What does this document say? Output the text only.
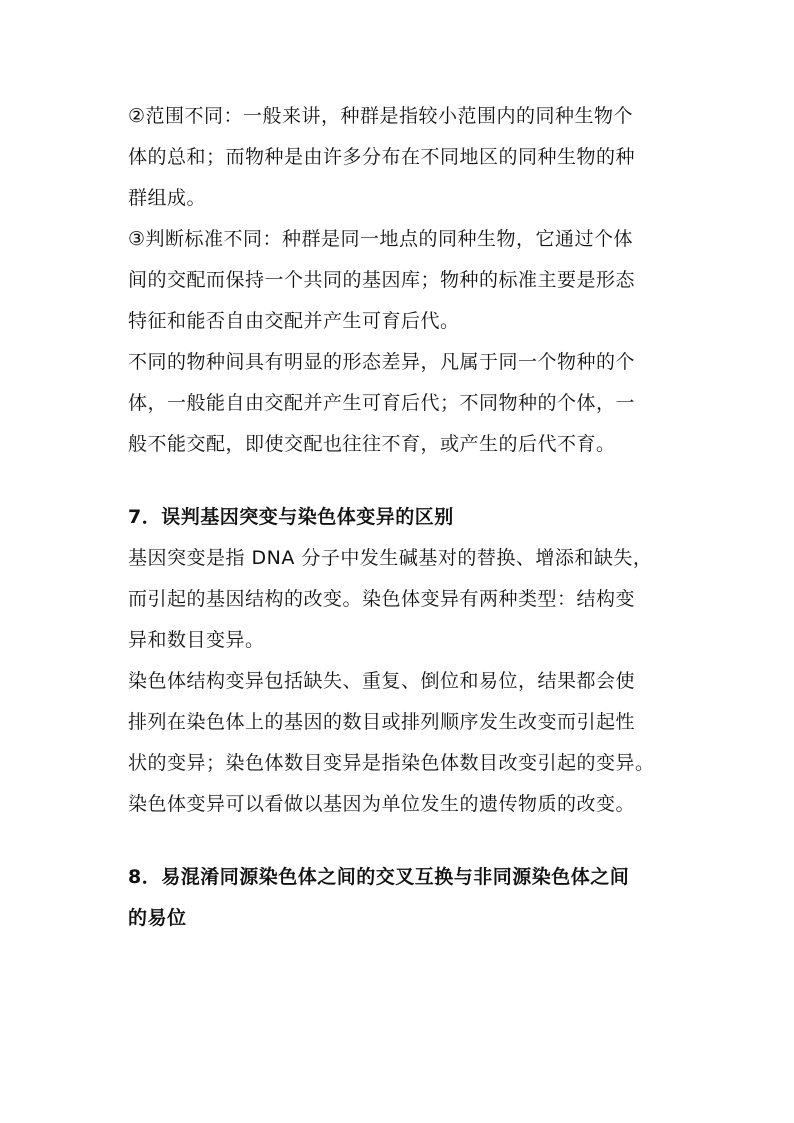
②范围不同：一般来讲，种群是指较小范围内的同种生物个

体的总和；而物种是由许多分布在不同地区的同种生物的种

群组成。

③判断标准不同：种群是同一地点的同种生物，它通过个体

间的交配而保持一个共同的基因库；物种的标准主要是形态

特征和能否自由交配并产生可育后代。

不同的物种间具有明显的形态差异，凡属于同一个物种的个

体，一般能自由交配并产生可育后代；不同物种的个体，一

般不能交配，即使交配也往往不育，或产生的后代不育。

7．误判基因突变与染色体变异的区别

基因突变是指 DNA 分子中发生碱基对的替换、增添和缺失，

而引起的基因结构的改变。染色体变异有两种类型：结构变

异和数目变异。

染色体结构变异包括缺失、重复、倒位和易位，结果都会使

排列在染色体上的基因的数目或排列顺序发生改变而引起性

状的变异；染色体数目变异是指染色体数目改变引起的变异。

染色体变异可以看做以基因为单位发生的遗传物质的改变。

8．易混淆同源染色体之间的交叉互换与非同源染色体之间

的易位
